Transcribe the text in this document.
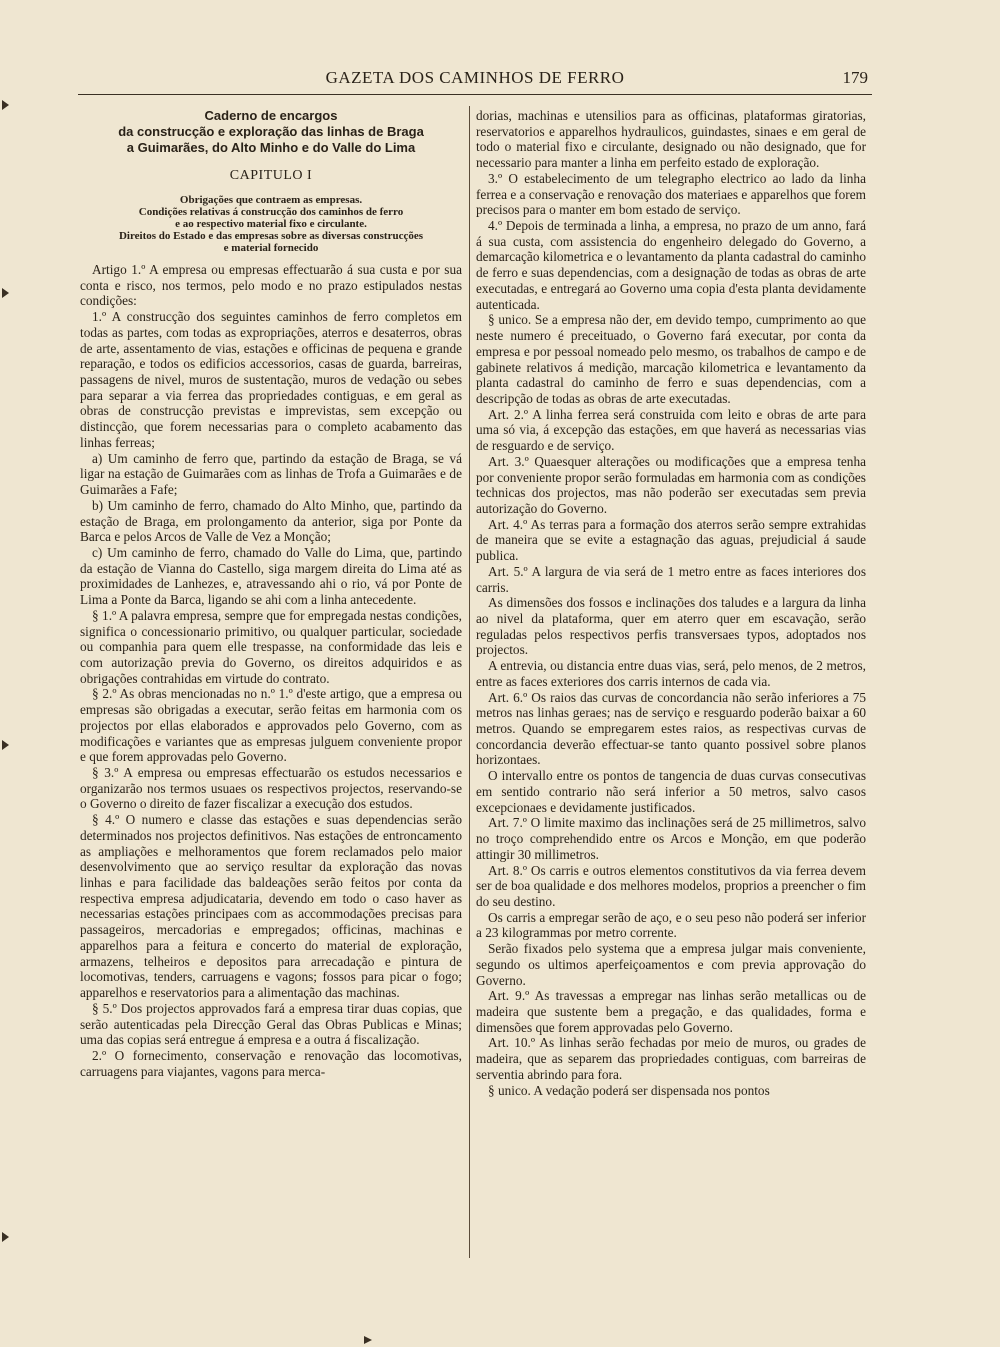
GAZETA DOS CAMINHOS DE FERRO	179
Caderno de encargos
da construcção e exploração das linhas de Braga
a Guimarães, do Alto Minho e do Valle do Lima
CAPITULO I
Obrigações que contraem as empresas.
Condições relativas á construcção dos caminhos de ferro
e ao respectivo material fixo e circulante.
Direitos do Estado e das empresas sobre as diversas construcções
e material fornecido

Artigo 1.º A empresa ou empresas effectuarão á sua custa e por sua conta e risco, nos termos, pelo modo e no prazo estipulados nestas condições:

1.º A construcção dos seguintes caminhos de ferro completos em todas as partes, com todas as expropriações, aterros e desaterros, obras de arte, assentamento de vias, estações e officinas de pequena e grande reparação, e todos os edificios accessorios, casas de guarda, barreiras, passagens de nivel, muros de sustentação, muros de vedação ou sebes para separar a via ferrea das propriedades contiguas, e em geral as obras de construcção previstas e imprevistas, sem excepção ou distincção, que forem necessarias para o completo acabamento das linhas ferreas;

a) Um caminho de ferro que, partindo da estação de Braga, se vá ligar na estação de Guimarães com as linhas de Trofa a Guimarães e de Guimarães a Fafe;

b) Um caminho de ferro, chamado do Alto Minho, que, partindo da estação de Braga, em prolongamento da anterior, siga por Ponte da Barca e pelos Arcos de Valle de Vez a Monção;

c) Um caminho de ferro, chamado do Valle do Lima, que, partindo da estação de Vianna do Castello, siga margem direita do Lima até as proximidades de Lanhezes, e, atravessando ahi o rio, vá por Ponte de Lima a Ponte da Barca, ligando se ahi com a linha antecedente.

§ 1.º A palavra empresa, sempre que for empregada nestas condições, significa o concessionario primitivo, ou qualquer particular, sociedade ou companhia para quem elle trespasse, na conformidade das leis e com autorização previa do Governo, os direitos adquiridos e as obrigações contrahidas em virtude do contrato.

§ 2.º As obras mencionadas no n.º 1.º d'este artigo, que a empresa ou empresas são obrigadas a executar, serão feitas em harmonia com os projectos por ellas elaborados e approvados pelo Governo, com as modificações e variantes que as empresas julguem conveniente propor e que forem approvadas pelo Governo.

§ 3.º A empresa ou empresas effectuarão os estudos necessarios e organizarão nos termos usuaes os respectivos projectos, reservando-se o Governo o direito de fazer fiscalizar a execução dos estudos.

§ 4.º O numero e classe das estações e suas dependencias serão determinados nos projectos definitivos. Nas estações de entroncamento as ampliações e melhoramentos que forem reclamados pelo maior desenvolvimento que ao serviço resultar da exploração das novas linhas e para facilidade das baldeações serão feitos por conta da respectiva empresa adjudicataria, devendo em todo o caso haver as necessarias estações principaes com as accommodações precisas para passageiros, mercadorias e empregados; officinas, machinas e apparelhos para a feitura e concerto do material de exploração, armazens, telheiros e depositos para arrecadação e pintura de locomotivas, tenders, carruagens e vagons; fossos para picar o fogo; apparelhos e reservatorios para a alimentação das machinas.

§ 5.º Dos projectos approvados fará a empresa tirar duas copias, que serão autenticadas pela Direcção Geral das Obras Publicas e Minas; uma das copias será entregue á empresa e a outra á fiscalização.

2.º O fornecimento, conservação e renovação das locomotivas, carruagens para viajantes, vagons para merca-

dorias, machinas e utensilios para as officinas, plataformas giratorias, reservatorios e apparelhos hydraulicos, guindastes, sinaes e em geral de todo o material fixo e circulante, designado ou não designado, que for necessario para manter a linha em perfeito estado de exploração.

3.º O estabelecimento de um telegrapho electrico ao lado da linha ferrea e a conservação e renovação dos materiaes e apparelhos que forem precisos para o manter em bom estado de serviço.

4.º Depois de terminada a linha, a empresa, no prazo de um anno, fará á sua custa, com assistencia do engenheiro delegado do Governo, a demarcação kilometrica e o levantamento da planta cadastral do caminho de ferro e suas dependencias, com a designação de todas as obras de arte executadas, e entregará ao Governo uma copia d'esta planta devidamente autenticada.

§ unico. Se a empresa não der, em devido tempo, cumprimento ao que neste numero é preceituado, o Governo fará executar, por conta da empresa e por pessoal nomeado pelo mesmo, os trabalhos de campo e de gabinete relativos á medição, marcação kilometrica e levantamento da planta cadastral do caminho de ferro e suas dependencias, com a descripção de todas as obras de arte executadas.

Art. 2.º A linha ferrea será construida com leito e obras de arte para uma só via, á excepção das estações, em que haverá as necessarias vias de resguardo e de serviço.

Art. 3.º Quaesquer alterações ou modificações que a empresa tenha por conveniente propor serão formuladas em harmonia com as condições technicas dos projectos, mas não poderão ser executadas sem previa autorização do Governo.

Art. 4.º As terras para a formação dos aterros serão sempre extrahidas de maneira que se evite a estagnação das aguas, prejudicial á saude publica.

Art. 5.º A largura de via será de 1 metro entre as faces interiores dos carris.

As dimensões dos fossos e inclinações dos taludes e a largura da linha ao nivel da plataforma, quer em aterro quer em escavação, serão reguladas pelos respectivos perfis transversaes typos, adoptados nos projectos.

A entrevia, ou distancia entre duas vias, será, pelo menos, de 2 metros, entre as faces exteriores dos carris internos de cada via.

Art. 6.º Os raios das curvas de concordancia não serão inferiores a 75 metros nas linhas geraes; nas de serviço e resguardo poderão baixar a 60 metros. Quando se empregarem estes raios, as respectivas curvas de concordancia deverão effectuar-se tanto quanto possivel sobre planos horizontaes.

O intervallo entre os pontos de tangencia de duas curvas consecutivas em sentido contrario não será inferior a 50 metros, salvo casos excepcionaes e devidamente justificados.

Art. 7.º O limite maximo das inclinações será de 25 millimetros, salvo no troço comprehendido entre os Arcos e Monção, em que poderão attingir 30 millimetros.

Art. 8.º Os carris e outros elementos constitutivos da via ferrea devem ser de boa qualidade e dos melhores modelos, proprios a preencher o fim do seu destino.

Os carris a empregar serão de aço, e o seu peso não poderá ser inferior a 23 kilogrammas por metro corrente.

Serão fixados pelo systema que a empresa julgar mais conveniente, segundo os ultimos aperfeiçoamentos e com previa approvação do Governo.

Art. 9.º As travessas a empregar nas linhas serão metallicas ou de madeira que sustente bem a pregação, e das qualidades, forma e dimensões que forem approvadas pelo Governo.

Art. 10.º As linhas serão fechadas por meio de muros, ou grades de madeira, que as separem das propriedades contiguas, com barreiras de serventia abrindo para fora.

§ unico. A vedação poderá ser dispensada nos pontos
